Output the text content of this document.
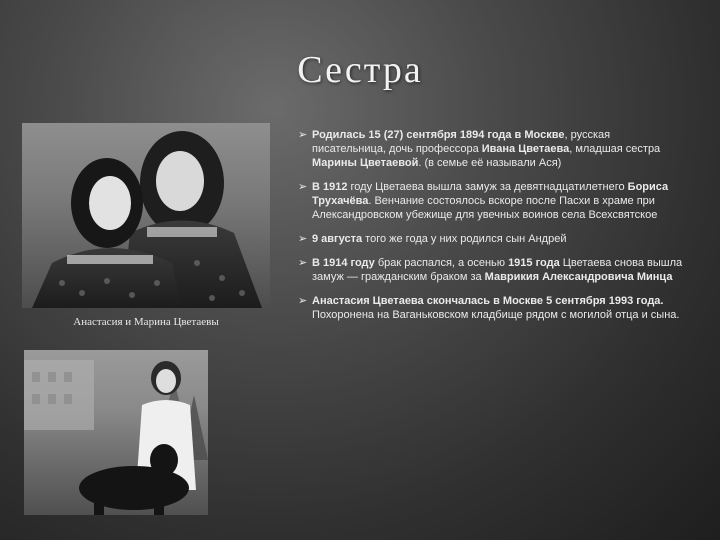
Сестра
Анастасия и Марина Цветаевы
➢ Родилась 15 (27) сентября 1894 года в Москве, русская писательница, дочь профессора Ивана Цветаева, младшая сестра Марины Цветаевой. (в семье её называли Ася)
➢ В 1912 году Цветаева вышла замуж за девятнадцатилетнего Бориса Трухачёва. Венчание состоялось вскоре после Пасхи в храме при Александровском убежище для увечных воинов села Всехсвятское
➢ 9 августа того же года у них родился сын Андрей
➢ В 1914 году брак распался, а осенью 1915 года Цветаева снова вышла замуж — гражданским браком за Маврикия Александровича Минца
➢ Анастасия Цветаева скончалась в Москве 5 сентября 1993 года. Похоронена на Ваганьковском кладбище рядом с могилой отца и сына.
